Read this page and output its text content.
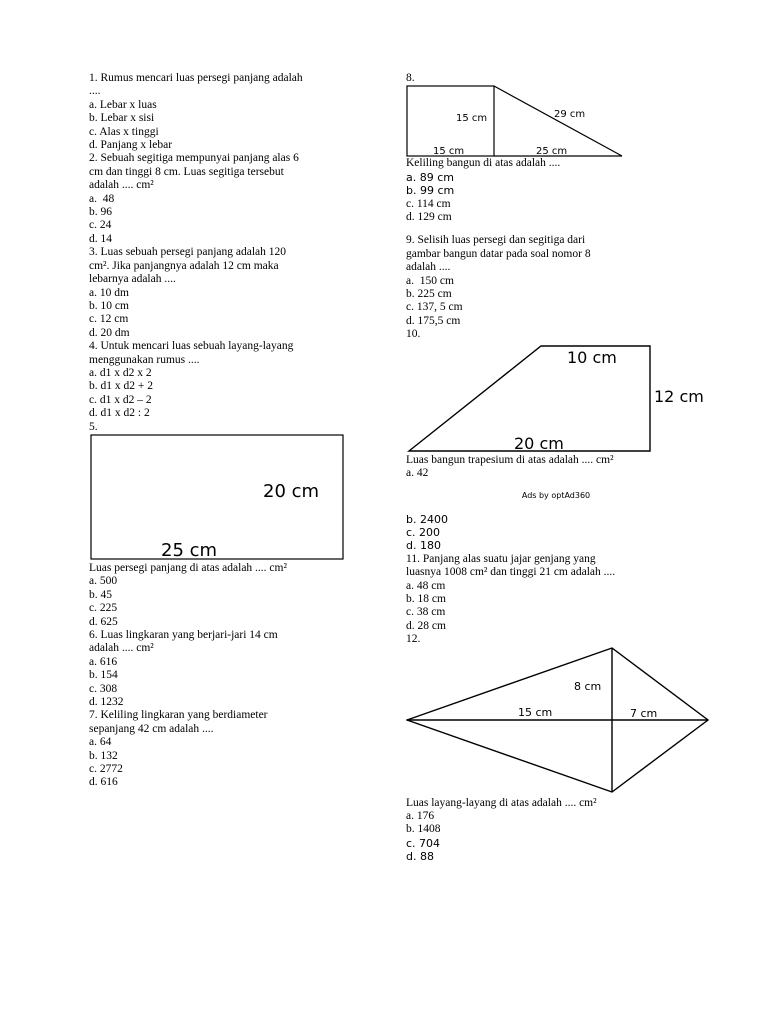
1. Rumus mencari luas persegi panjang adalah
....
a. Lebar x luas
b. Lebar x sisi
c. Alas x tinggi
d. Panjang x lebar
2. Sebuah segitiga mempunyai panjang alas 6
cm dan tinggi 8 cm. Luas segitiga tersebut
adalah .... cm²
a.  48
b. 96
c. 24
d. 14
3. Luas sebuah persegi panjang adalah 120
cm². Jika panjangnya adalah 12 cm maka
lebarnya adalah ....
a. 10 dm
b. 10 cm
c. 12 cm
d. 20 dm
4. Untuk mencari luas sebuah layang-layang
menggunakan rumus ....
a. d1 x d2 x 2
b. d1 x d2 + 2
c. d1 x d2 – 2
d. d1 x d2 : 2
5.
20 cm
25 cm
Luas persegi panjang di atas adalah .... cm²
a. 500
b. 45
c. 225
d. 625
6. Luas lingkaran yang berjari-jari 14 cm
adalah .... cm²
a. 616
b. 154
c. 308
d. 1232
7. Keliling lingkaran yang berdiameter
sepanjang 42 cm adalah ....
a. 64
b. 132
c. 2772
d. 616
8.
15 cm	29 cm
15 cm	25 cm
Keliling bangun di atas adalah ....
a. 89 cm
b. 99 cm
c. 114 cm
d. 129 cm
9. Selisih luas persegi dan segitiga dari
gambar bangun datar pada soal nomor 8
adalah ....
a.  150 cm
b. 225 cm
c. 137, 5 cm
d. 175,5 cm
10.
10 cm
12 cm
20 cm
Luas bangun trapesium di atas adalah .... cm²
a. 42
Ads by optAd360
b. 2400
c. 200
d. 180
11. Panjang alas suatu jajar genjang yang
luasnya 1008 cm² dan tinggi 21 cm adalah ....
a. 48 cm
b. 18 cm
c. 38 cm
d. 28 cm
12.
8 cm
15 cm	7 cm
Luas layang-layang di atas adalah .... cm²
a. 176
b. 1408
c. 704
d. 88
